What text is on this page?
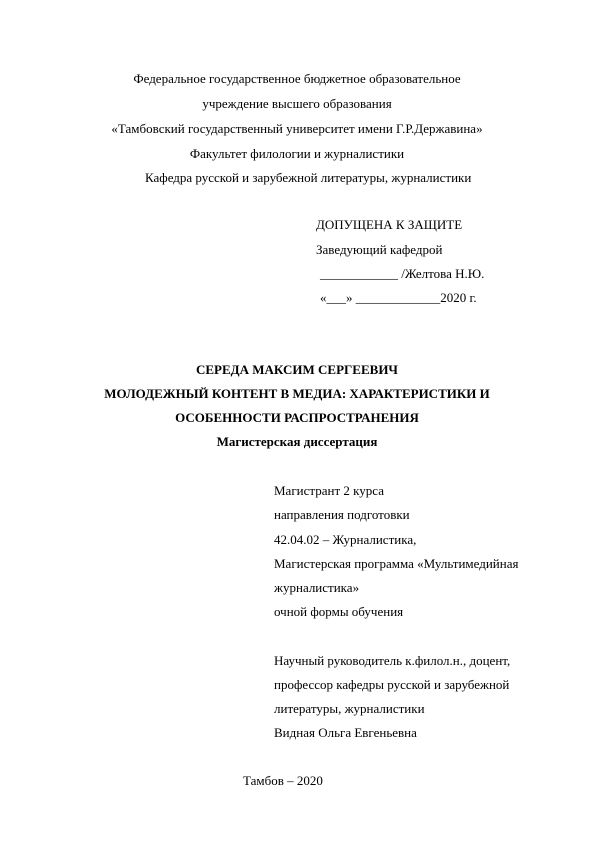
Федеральное государственное бюджетное образовательное
учреждение высшего образования
«Тамбовский государственный университет имени Г.Р.Державина»
Факультет филологии и журналистики
Кафедра русской и зарубежной литературы, журналистики
ДОПУЩЕНА К ЗАЩИТЕ
Заведующий кафедрой
____________ /Желтова Н.Ю.
«___» _____________2020 г.
СЕРЕДА МАКСИМ СЕРГЕЕВИЧ
МОЛОДЕЖНЫЙ КОНТЕНТ В МЕДИА: ХАРАКТЕРИСТИКИ И
ОСОБЕННОСТИ РАСПРОСТРАНЕНИЯ
Магистерская диссертация
Магистрант 2 курса
направления подготовки
42.04.02 – Журналистика,
Магистерская программа «Мультимедийная
журналистика»
очной формы обучения
Научный руководитель к.филол.н., доцент,
профессор кафедры русской и зарубежной
литературы, журналистики
Видная Ольга Евгеньевна
Тамбов – 2020
